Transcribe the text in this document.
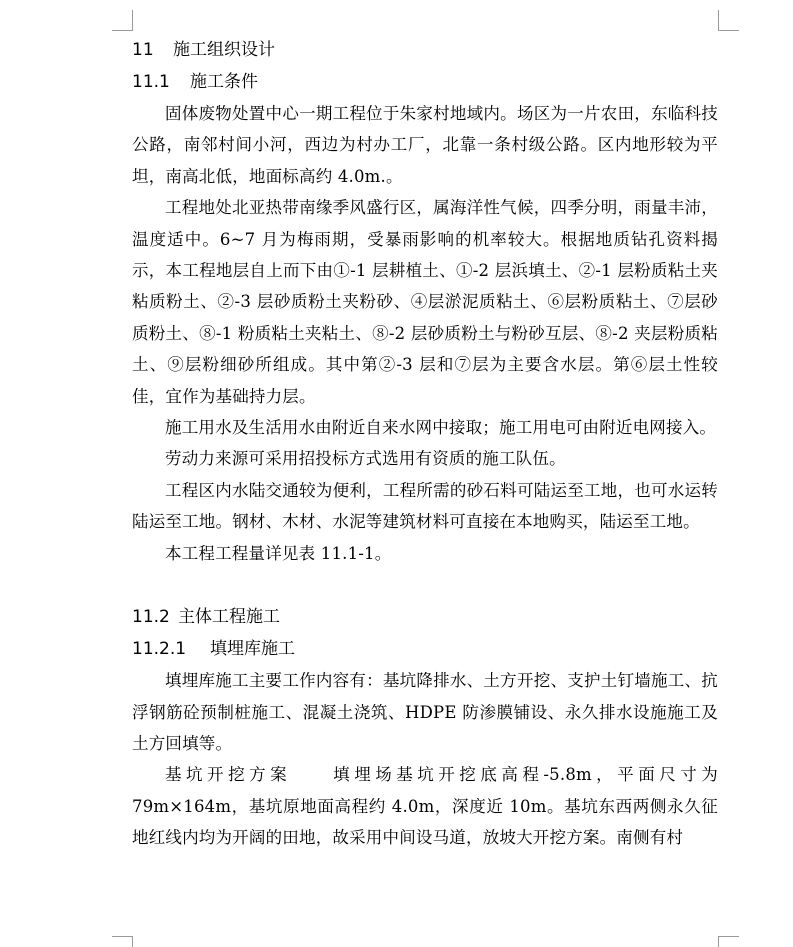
11 施工组织设计
11.1 施工条件

固体废物处置中心一期工程位于朱家村地域内。场区为一片农田，东临科技公路，南邻村间小河，西边为村办工厂，北靠一条村级公路。区内地形较为平坦，南高北低，地面标高约 4.0m.。

工程地处北亚热带南缘季风盛行区，属海洋性气候，四季分明，雨量丰沛，温度适中。6~7 月为梅雨期，受暴雨影响的机率较大。根据地质钻孔资料揭示，本工程地层自上而下由①-1 层耕植土、①-2 层浜填土、②-1 层粉质粘土夹粘质粉土、②-3 层砂质粉土夹粉砂、④层淤泥质粘土、⑥层粉质粘土、⑦层砂质粉土、⑧-1 粉质粘土夹粘土、⑧-2 层砂质粉土与粉砂互层、⑧-2 夹层粉质粘土、⑨层粉细砂所组成。其中第②-3 层和⑦层为主要含水层。第⑥层土性较佳，宜作为基础持力层。

施工用水及生活用水由附近自来水网中接取；施工用电可由附近电网接入。

劳动力来源可采用招投标方式选用有资质的施工队伍。

工程区内水陆交通较为便利，工程所需的砂石料可陆运至工地，也可水运转陆运至工地。钢材、木材、水泥等建筑材料可直接在本地购买，陆运至工地。

本工程工程量详见表 11.1-1。

11.2 主体工程施工
11.2.1 填埋库施工

填埋库施工主要工作内容有：基坑降排水、土方开挖、支护土钉墙施工、抗浮钢筋砼预制桩施工、混凝土浇筑、HDPE 防渗膜铺设、永久排水设施施工及土方回填等。

基坑开挖方案　　填埋场基坑开挖底高程-5.8m，平面尺寸为 79m×164m，基坑原地面高程约 4.0m，深度近 10m。基坑东西两侧永久征地红线内均为开阔的田地，故采用中间设马道，放坡大开挖方案。南侧有村
